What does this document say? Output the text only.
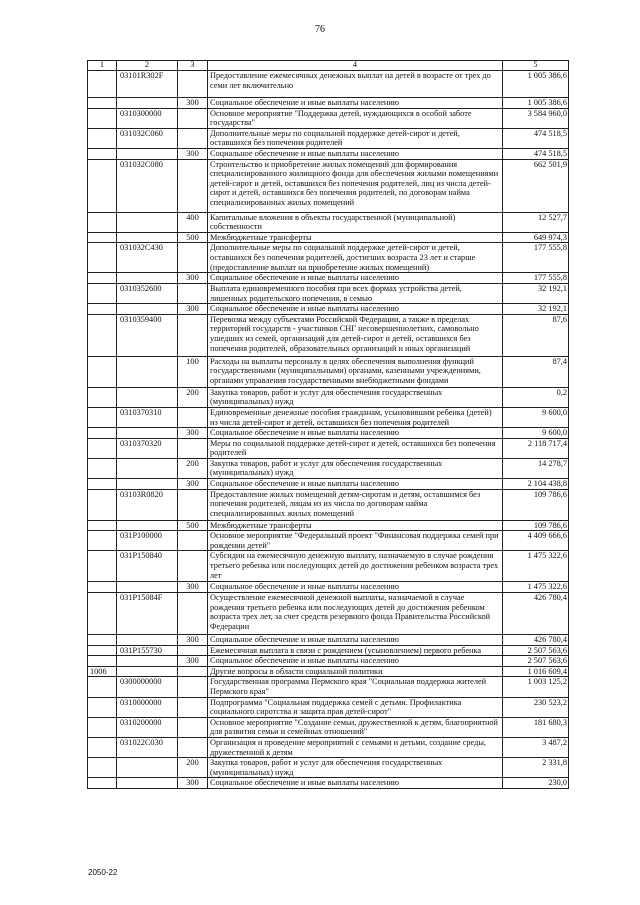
76
1	2	3	4	5
	03101R302F		Предоставление ежемесячных денежных выплат на детей в возрасте от трех до семи лет включительно	1 005 386,6
		300	Социальное обеспечение и иные выплаты населению	1 005 386,6
	0310300000		Основное мероприятие "Поддержка детей, нуждающихся в особой заботе государства"	3 584 960,0
	031032C060		Дополнительные меры по социальной поддержке детей-сирот и детей, оставшихся без попечения родителей	474 518,5
		300	Социальное обеспечение и иные выплаты населению	474 518,5
	031032C080		Строительство и приобретение жилых помещений для формирования специализированного жилищного фонда для обеспечения жилыми помещениями детей-сирот и детей, оставшихся без попечения родителей, лиц из числа детей-сирот и детей, оставшихся без попечения родителей, по договорам найма специализированных жилых помещений	662 501,9
		400	Капитальные вложения в объекты государственной (муниципальной) собственности	12 527,7
		500	Межбюджетные трансферты	649 974,3
	031032C430		Дополнительные меры по социальной поддержке детей-сирот и детей, оставшихся без попечения родителей, достигших возраста 23 лет и старше (предоставление выплат на приобретение жилых помещений)	177 555,8
		300	Социальное обеспечение и иные выплаты населению	177 555,8
	0310352600		Выплата единовременного пособия при всех формах устройства детей, лишенных родительского попечения, в семью	32 192,1
		300	Социальное обеспечение и иные выплаты населению	32 192,1
	0310359400		Перевозка между субъектами Российской Федерации, а также в пределах территорий государств - участников СНГ несовершеннолетних, самовольно ушедших из семей, организаций для детей-сирот и детей, оставшихся без попечения родителей, образовательных организаций и иных организаций	87,6
		100	Расходы на выплаты персоналу в целях обеспечения выполнения функций государственными (муниципальными) органами, казенными учреждениями, органами управления государственными внебюджетными фондами	87,4
		200	Закупка товаров, работ и услуг для обеспечения государственных (муниципальных) нужд	0,2
	0310370310		Единовременные денежные пособия гражданам, усыновившим ребенка (детей) из числа детей-сирот и детей, оставшихся без попечения родителей	9 600,0
		300	Социальное обеспечение и иные выплаты населению	9 600,0
	0310370320		Меры по социальной поддержке детей-сирот и детей, оставшихся без попечения родителей	2 118 717,4
		200	Закупка товаров, работ и услуг для обеспечения государственных (муниципальных) нужд	14 278,7
		300	Социальное обеспечение и иные выплаты населению	2 104 438,8
	03103R0820		Предоставление жилых помещений детям-сиротам и детям, оставшимся без попечения родителей, лицам из их числа по договорам найма специализированных жилых помещений	109 786,6
		500	Межбюджетные трансферты	109 786,6
	031P100000		Основное мероприятие "Федеральный проект "Финансовая поддержка семей при рождении детей"	4 409 666,6
	031P150840		Субсидии на ежемесячную денежную выплату, назначаемую в случае рождения третьего ребенка или последующих детей до достижения ребенком возраста трех лет	1 475 322,6
		300	Социальное обеспечение и иные выплаты населению	1 475 322,6
	031P15084F		Осуществление ежемесячной денежной выплаты, назначаемой в случае рождения третьего ребенка или последующих детей до достижения ребенком возраста трех лет, за счет средств резервного фонда Правительства Российской Федерации	426 780,4
		300	Социальное обеспечение и иные выплаты населению	426 780,4
	031P155730		Ежемесячная выплата в связи с рождением (усыновлением) первого ребенка	2 507 563,6
		300	Социальное обеспечение и иные выплаты населению	2 507 563,6
1006			Другие вопросы в области социальной политики	1 016 609,4
	0300000000		Государственная программа Пермского края "Социальная поддержка жителей Пермского края"	1 003 125,2
	0310000000		Подпрограмма "Социальная поддержка семей с детьми. Профилактика социального сиротства и защита прав детей-сирот"	230 523,2
	0310200000		Основное мероприятие "Создание семьи, дружественной к детям, благоприятной для развития семьи и семейных отношений"	181 680,3
	031022C030		Организация и проведение мероприятий с семьями и детьми, создание среды, дружественной к детям	3 487,2
		200	Закупка товаров, работ и услуг для обеспечения государственных (муниципальных) нужд	2 331,8
		300	Социальное обеспечение и иные выплаты населению	230,0
2050-22
